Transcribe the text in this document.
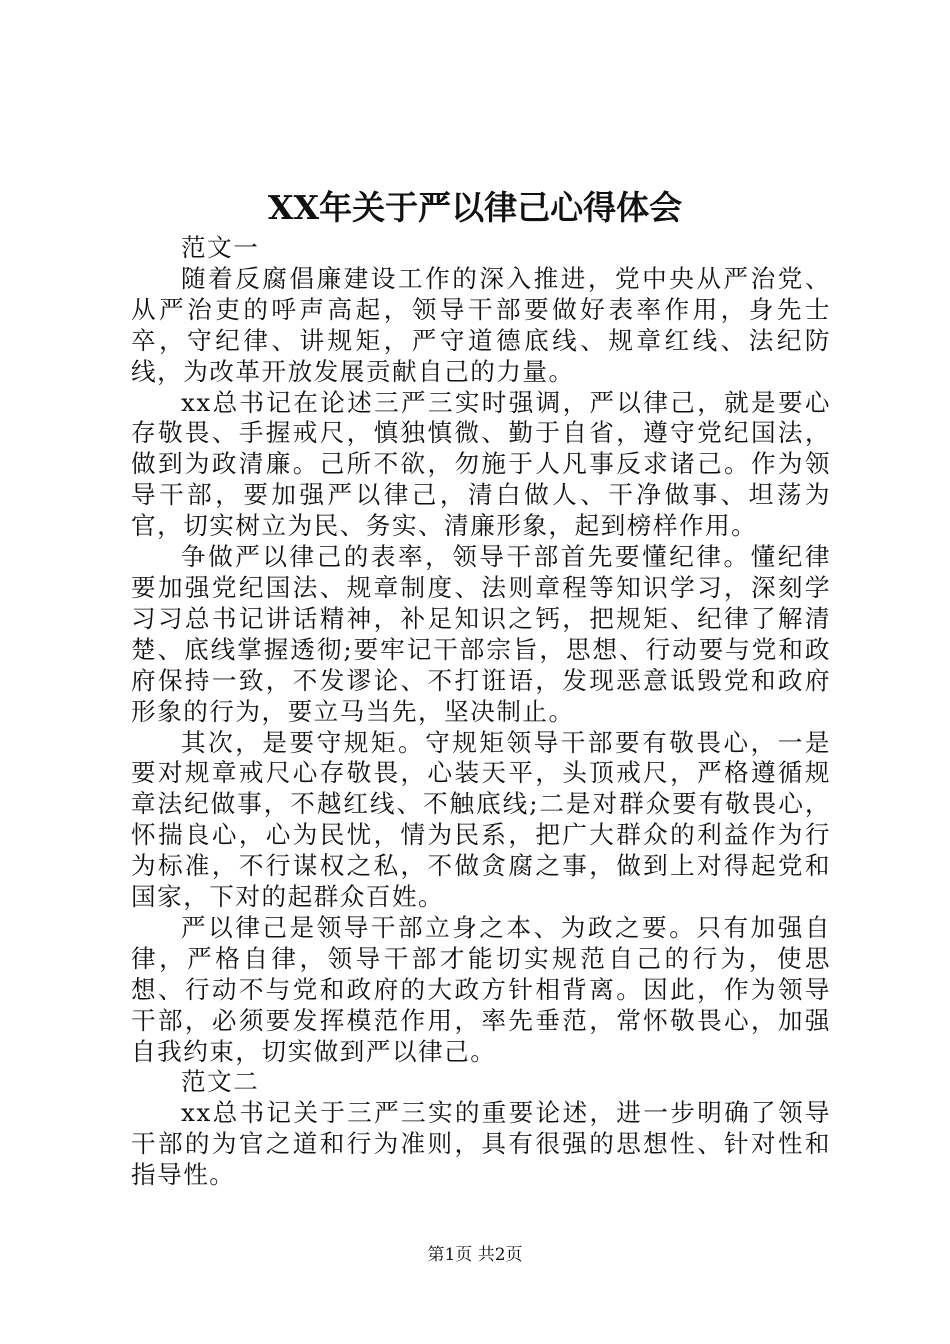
XX年关于严以律己心得体会

范文一

随着反腐倡廉建设工作的深入推进，党中央从严治党、从严治吏的呼声高起，领导干部要做好表率作用，身先士卒，守纪律、讲规矩，严守道德底线、规章红线、法纪防线，为改革开放发展贡献自己的力量。

xx总书记在论述三严三实时强调，严以律己，就是要心存敬畏、手握戒尺，慎独慎微、勤于自省，遵守党纪国法，做到为政清廉。己所不欲，勿施于人凡事反求诸己。作为领导干部，要加强严以律己，清白做人、干净做事、坦荡为官，切实树立为民、务实、清廉形象，起到榜样作用。

争做严以律己的表率，领导干部首先要懂纪律。懂纪律要加强党纪国法、规章制度、法则章程等知识学习，深刻学习习总书记讲话精神，补足知识之钙，把规矩、纪律了解清楚、底线掌握透彻;要牢记干部宗旨，思想、行动要与党和政府保持一致，不发谬论、不打诳语，发现恶意诋毁党和政府形象的行为，要立马当先，坚决制止。

其次，是要守规矩。守规矩领导干部要有敬畏心，一是要对规章戒尺心存敬畏，心装天平，头顶戒尺，严格遵循规章法纪做事，不越红线、不触底线;二是对群众要有敬畏心，怀揣良心，心为民忧，情为民系，把广大群众的利益作为行为标准，不行谋权之私，不做贪腐之事，做到上对得起党和国家，下对的起群众百姓。

严以律己是领导干部立身之本、为政之要。只有加强自律，严格自律，领导干部才能切实规范自己的行为，使思想、行动不与党和政府的大政方针相背离。因此，作为领导干部，必须要发挥模范作用，率先垂范，常怀敬畏心，加强自我约束，切实做到严以律己。

范文二

xx总书记关于三严三实的重要论述，进一步明确了领导干部的为官之道和行为准则，具有很强的思想性、针对性和指导性。

第1页 共2页
